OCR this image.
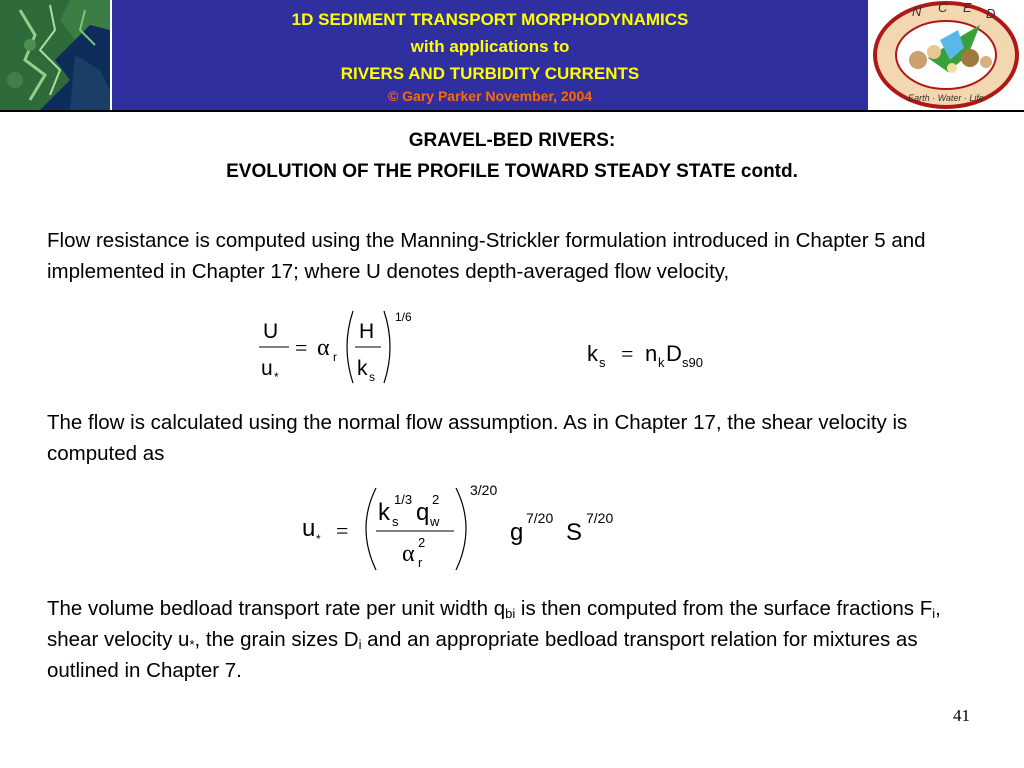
1D SEDIMENT TRANSPORT MORPHODYNAMICS
with applications to
RIVERS AND TURBIDITY CURRENTS
© Gary Parker November, 2004
N C E D
Earth · Water · Life
GRAVEL-BED RIVERS:
EVOLUTION OF THE PROFILE TOWARD STEADY STATE contd.

Flow resistance is computed using the Manning-Strickler formulation introduced in Chapter 5 and implemented in Chapter 17; where U denotes depth-averaged flow velocity,

U
u *
= α r
H
k s
1/6
k s = n k D s90

The flow is calculated using the normal flow assumption. As in Chapter 17, the shear velocity is computed as

u * =
k s
1/3 q w
2
α 2
r
3/20
g
7/20
S
7/20

The volume bedload transport rate per unit width $q_{bi}$ is then computed from the surface fractions $F_i$, shear velocity $u_*$, the grain sizes $D_i$ and an appropriate bedload transport relation for mixtures as outlined in Chapter 7.

41
